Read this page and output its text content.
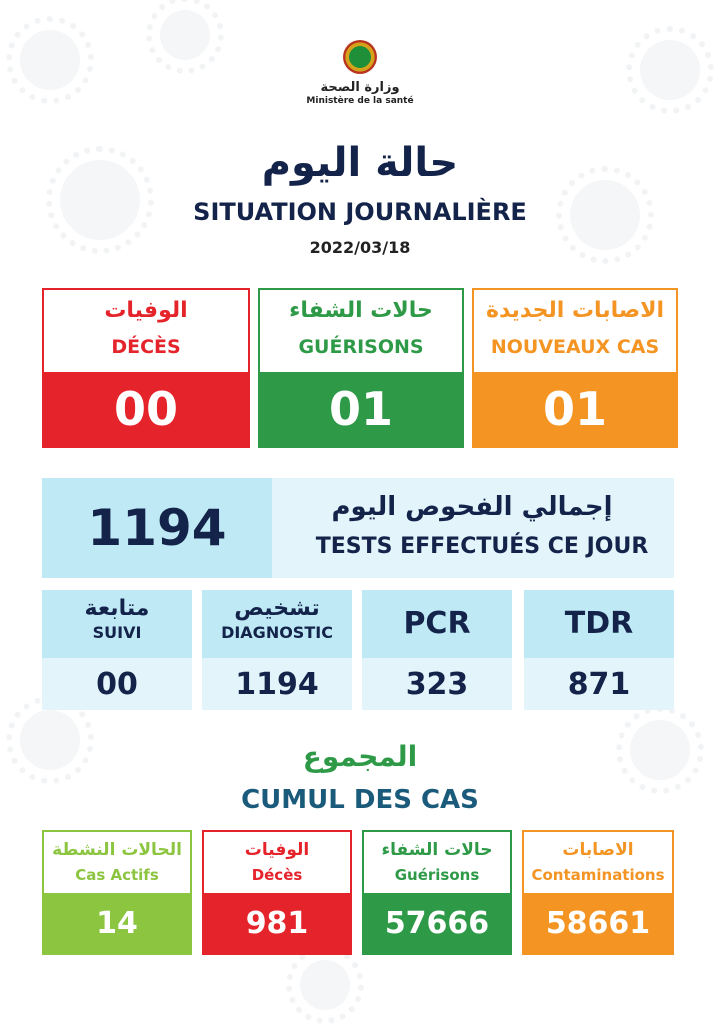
وزارة الصحة
Ministère de la santé
حالة اليوم
SITUATION JOURNALIÈRE
2022/03/18
الوفيات
DÉCÈS
00
حالات الشفاء
GUÉRISONS
01
الاصابات الجديدة
NOUVEAUX CAS
01
1194	إجمالي الفحوص اليوم
TESTS EFFECTUÉS CE JOUR
متابعة
SUIVI
00
تشخيص
DIAGNOSTIC
1194
PCR
323
TDR
871
المجموع
CUMUL DES CAS
الحالات النشطة
Cas Actifs
14
الوفيات
Décès
981
حالات الشفاء
Guérisons
57666
الاصابات
Contaminations
58661
